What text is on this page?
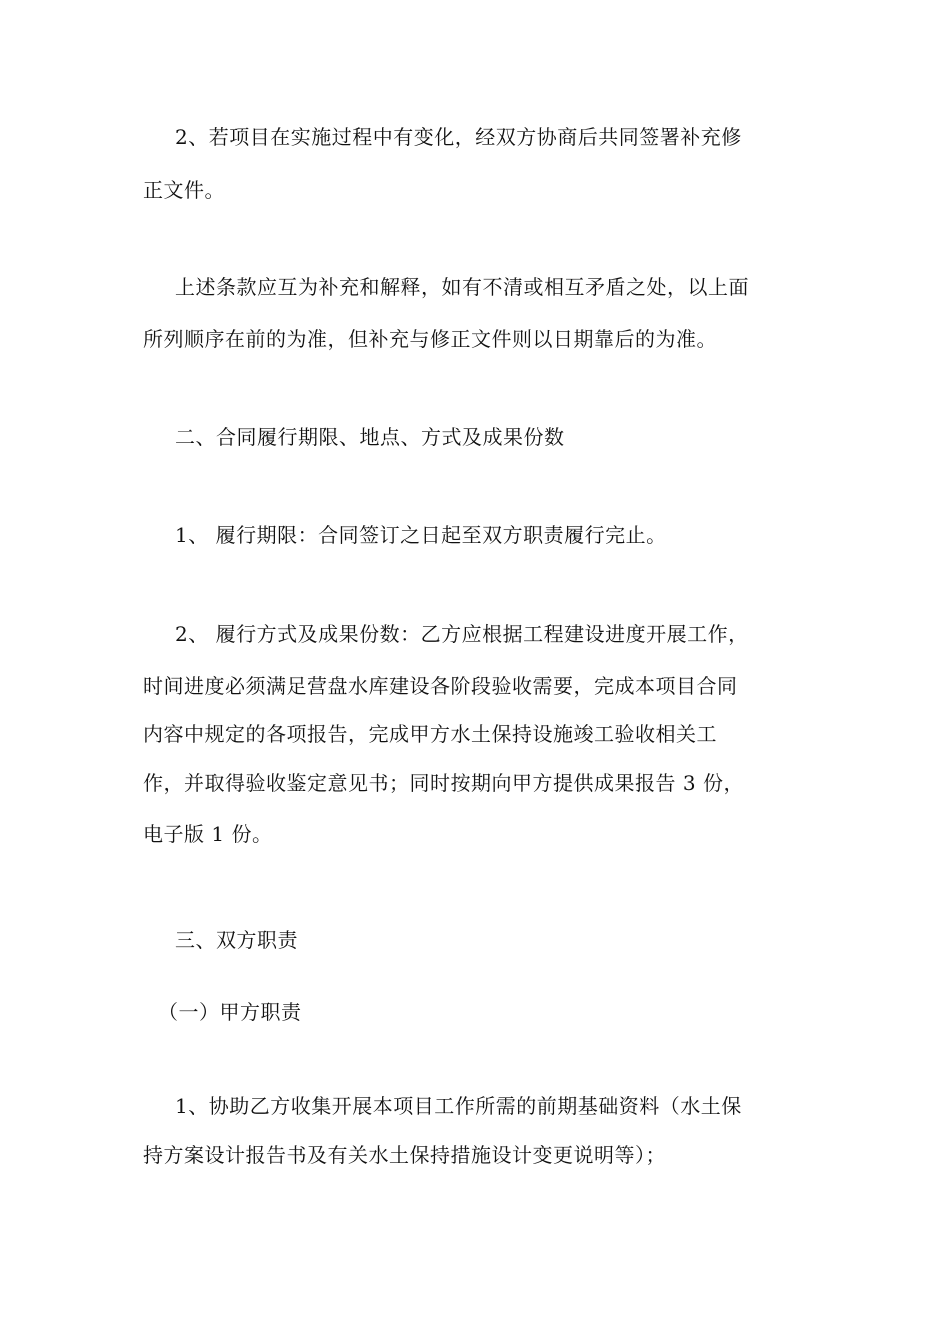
2、若项目在实施过程中有变化，经双方协商后共同签署补充修
正文件。
上述条款应互为补充和解释，如有不清或相互矛盾之处，以上面
所列顺序在前的为准，但补充与修正文件则以日期靠后的为准。
二、合同履行期限、地点、方式及成果份数
1、 履行期限：合同签订之日起至双方职责履行完止。
2、 履行方式及成果份数：乙方应根据工程建设进度开展工作，
时间进度必须满足营盘水库建设各阶段验收需要，完成本项目合同
内容中规定的各项报告，完成甲方水土保持设施竣工验收相关工
作，并取得验收鉴定意见书；同时按期向甲方提供成果报告 3 份，
电子版 1 份。
三、双方职责
（一）甲方职责
1、协助乙方收集开展本项目工作所需的前期基础资料（水土保
持方案设计报告书及有关水土保持措施设计变更说明等）；
